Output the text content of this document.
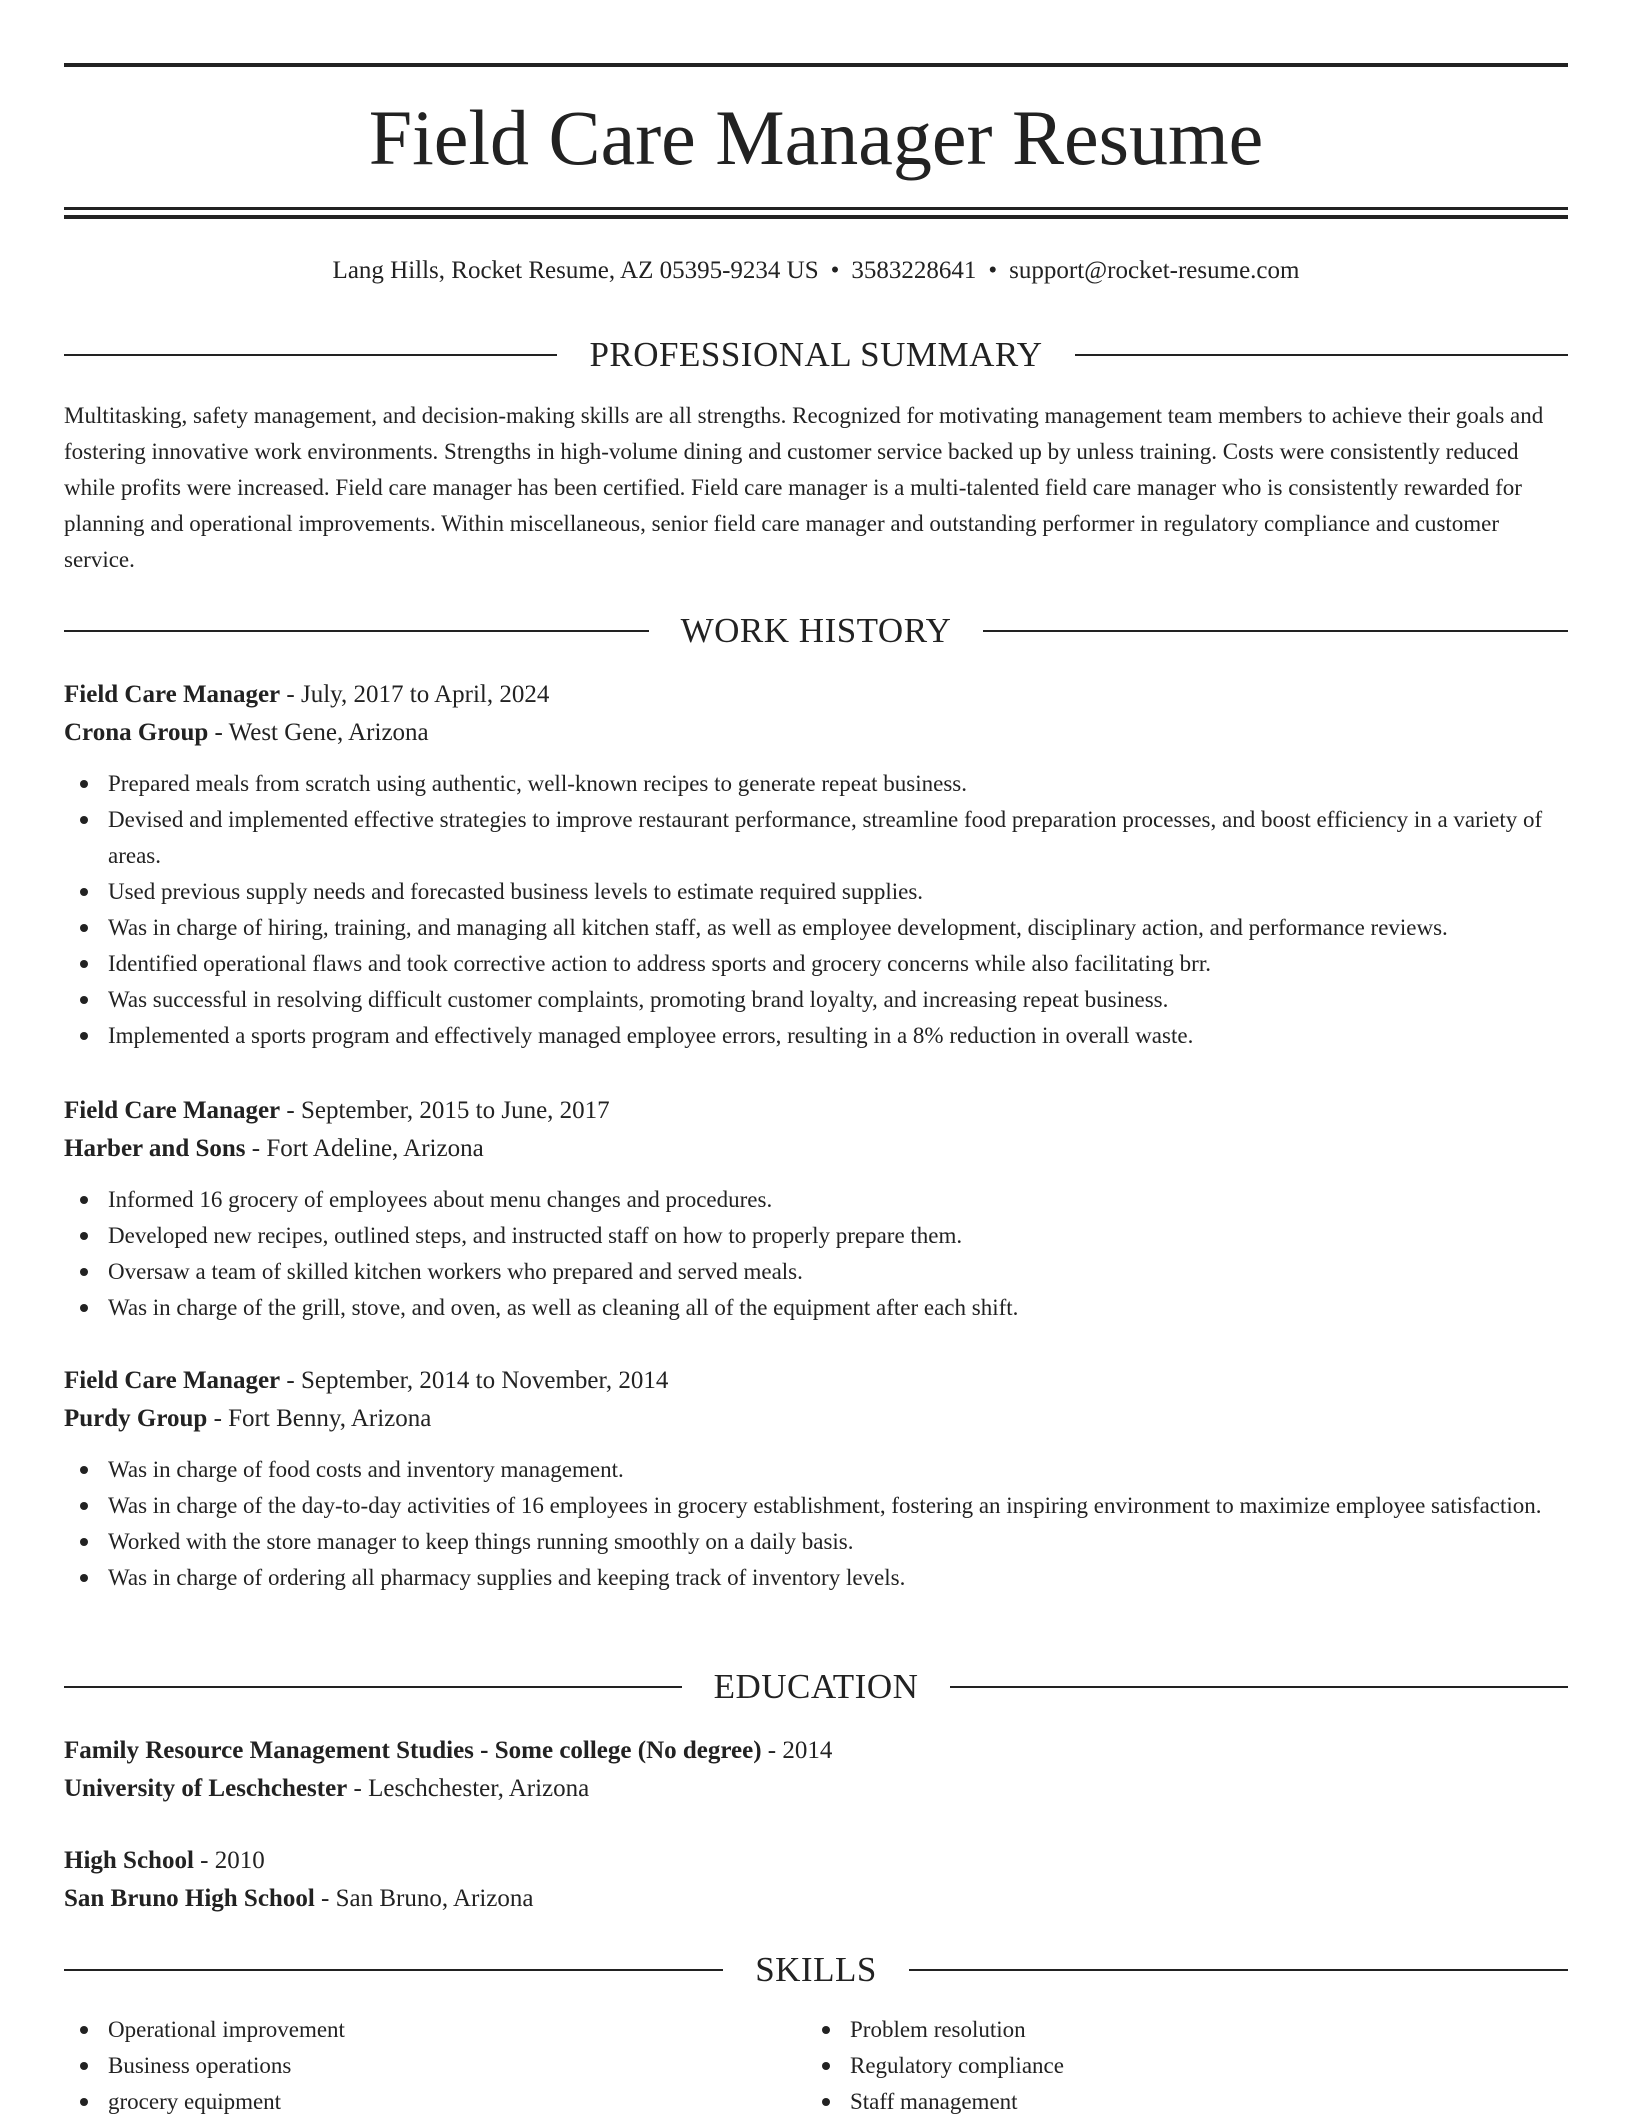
Field Care Manager Resume
Lang Hills, Rocket Resume, AZ 05395-9234 US • 3583228641 • support@rocket-resume.com
PROFESSIONAL SUMMARY

Multitasking, safety management, and decision-making skills are all strengths. Recognized for motivating management team members to achieve their goals and fostering innovative work environments. Strengths in high-volume dining and customer service backed up by unless training. Costs were consistently reduced while profits were increased. Field care manager has been certified. Field care manager is a multi-talented field care manager who is consistently rewarded for planning and operational improvements. Within miscellaneous, senior field care manager and outstanding performer in regulatory compliance and customer service.

WORK HISTORY
Field Care Manager - July, 2017 to April, 2024
Crona Group - West Gene, Arizona
Prepared meals from scratch using authentic, well-known recipes to generate repeat business.
Devised and implemented effective strategies to improve restaurant performance, streamline food preparation processes, and boost efficiency in a variety of areas.
Used previous supply needs and forecasted business levels to estimate required supplies.
Was in charge of hiring, training, and managing all kitchen staff, as well as employee development, disciplinary action, and performance reviews.
Identified operational flaws and took corrective action to address sports and grocery concerns while also facilitating brr.
Was successful in resolving difficult customer complaints, promoting brand loyalty, and increasing repeat business.
Implemented a sports program and effectively managed employee errors, resulting in a 8% reduction in overall waste.
Field Care Manager - September, 2015 to June, 2017
Harber and Sons - Fort Adeline, Arizona
Informed 16 grocery of employees about menu changes and procedures.
Developed new recipes, outlined steps, and instructed staff on how to properly prepare them.
Oversaw a team of skilled kitchen workers who prepared and served meals.
Was in charge of the grill, stove, and oven, as well as cleaning all of the equipment after each shift.
Field Care Manager - September, 2014 to November, 2014
Purdy Group - Fort Benny, Arizona
Was in charge of food costs and inventory management.
Was in charge of the day-to-day activities of 16 employees in grocery establishment, fostering an inspiring environment to maximize employee satisfaction.
Worked with the store manager to keep things running smoothly on a daily basis.
Was in charge of ordering all pharmacy supplies and keeping track of inventory levels.
EDUCATION
Family Resource Management Studies - Some college (No degree) - 2014
University of Leschchester - Leschchester, Arizona
High School - 2010
San Bruno High School - San Bruno, Arizona
SKILLS
Operational improvement
Business operations
grocery equipment
Problem resolution
Regulatory compliance
Staff management
